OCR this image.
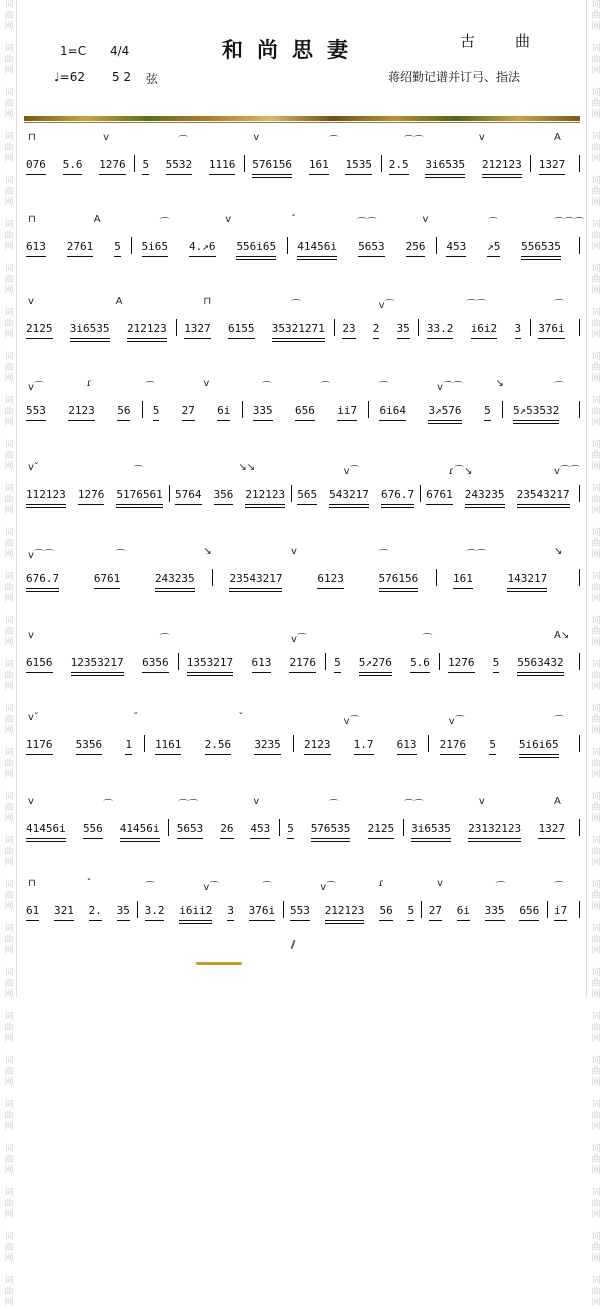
词
曲
网

词
曲
网

词
曲
网

词
曲
网

词
曲
网

词
曲
网

词
曲
网

词
曲
网

词
曲
网

词
曲
网

词
曲
网

词
曲
网

词
曲
网

词
曲
网

词
曲
网

词
曲
网

词
曲
网

词
曲
网

词
曲
网

词
曲
网

词
曲
网

词
曲
网

词
曲
网

词
曲
网

词
曲
网

词
曲
网

词
曲
网

词
曲
网

词
曲
网

词
曲
网

词
曲
网

词
曲
网

词
曲
网

词
曲
网

词
曲
网

词
曲
网

词
曲
网

词
曲
网

词
曲
网

词
曲
网

词
曲
网

词
曲
网

词
曲
网

词
曲
网

词
曲
网

词
曲
网

词
曲
网

词
曲
网

词
曲
网

词
曲
网

词
曲
网

词
曲
网

词
曲
网

词
曲
网

词
曲
网

词
曲
网

词
曲
网

词
曲
网

词
曲
网

词
曲
网

和尚思妻	古曲
1=C 4/4
♩=62 5 2 弦	蒋绍勤记谱并订弓、指法
076 5.6 1276 5 5532 1116 576156 161 1535 2.5 3i6535 212123 1327
⊓	v	⌒	v	⌒	⌒⌒	v	A
613 2761 5 5i65 4.↗6 556i65 41456i 5653 256 453 ↗5 556535
⊓	A	⌒	v	ˇ	⌒⌒	v	⌒	⌒⌒⌒
2125 3i6535 212123 1327 6155 35321271 23 2 35 33.2 i6i2 3 376i
v	A	⊓	⌒	v⌒	⌒⌒	⌒
553 2123 56 5 27 6i 335 656 ii7 6i64 3↗576 5 5↗53532
v⌒	ɾ	⌒	v	⌒	⌒	⌒	v⌒⌒	↘	⌒
112123 1276 5176561 5764 356 212123 565 543217 676.7 6761 243235 23543217
vˇ	⌒	↘↘	v⌒	ɾ⌒↘	v⌒⌒
676.7	6761	243235	23543217	6123	576156	161	143217
v⌒⌒	⌒	↘	v	⌒	⌒⌒	↘
6156 12353217 6356 1353217 613 2176 5 5↗276 5.6 1276 5 5563432
v	⌒	v⌒	⌒	A↘
1176 5356 1 1161 2.56 3235 2123 1.7 613 2176 5 5i6i65
vˇ	ˇ	ˇ	v⌒	v⌒	⌒
41456i 556 41456i 5653 26 453 5 576535 2125 3i6535 23132123 1327
v	⌒	⌒⌒	v	⌒	⌒⌒	v	A
61 321 2. 35 3.2 i6ii2 3 376i 553 212123 56 5 27 6i 335 656 i7
⊓	ˇ	⌒	v⌒	⌒	v⌒	ɾ	v	⌒	⌒
